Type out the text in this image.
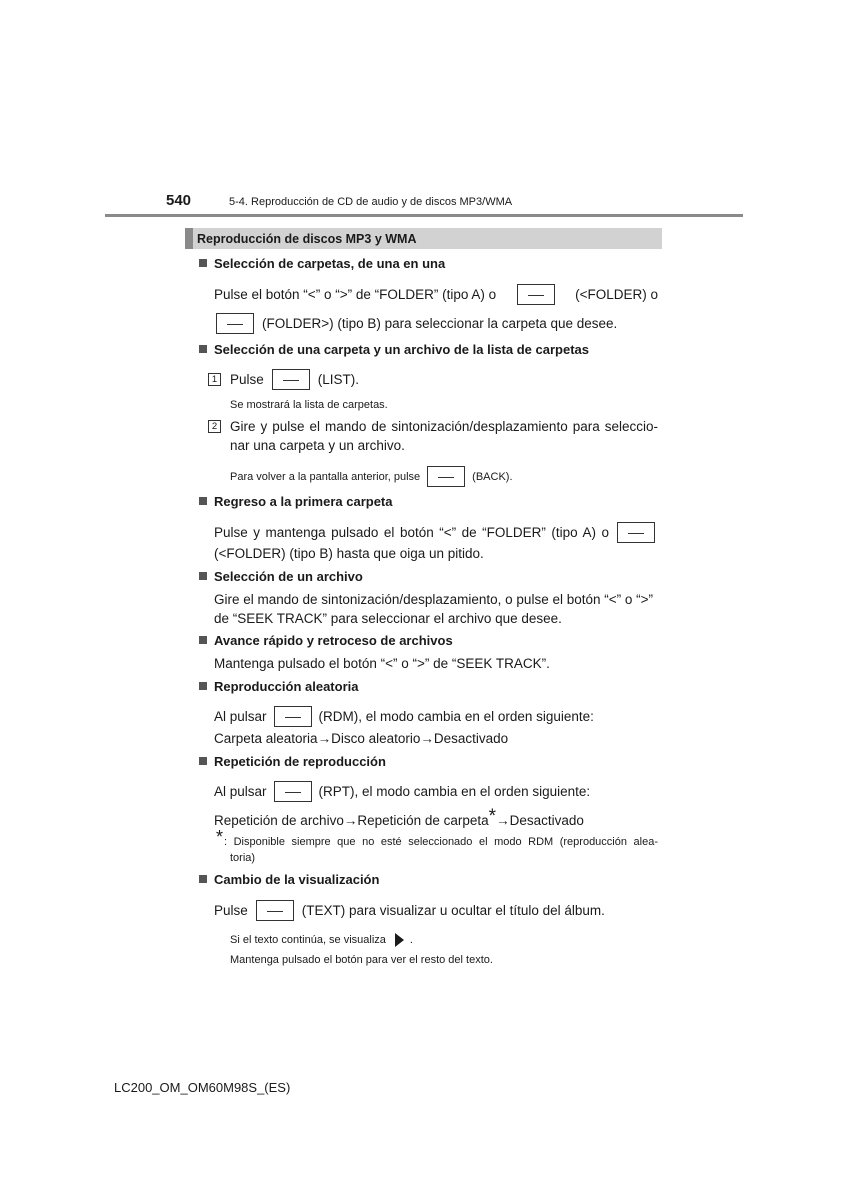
540	5-4. Reproducción de CD de audio y de discos MP3/WMA
Reproducción de discos MP3 y WMA
Selección de carpetas, de una en una
Pulse el botón “<” o “>” de “FOLDER” (tipo A) o	(<FOLDER) o
(FOLDER>) (tipo B) para seleccionar la carpeta que desee.
Selección de una carpeta y un archivo de la lista de carpetas
1 Pulse	(LIST).
Se mostrará la lista de carpetas.
2 Gire y pulse el mando de sintonización/desplazamiento para seleccio-
nar una carpeta y un archivo.
Para volver a la pantalla anterior, pulse	(BACK).
Regreso a la primera carpeta
Pulse y mantenga pulsado el botón “<” de “FOLDER” (tipo A) o
(<FOLDER) (tipo B) hasta que oiga un pitido.
Selección de un archivo
Gire el mando de sintonización/desplazamiento, o pulse el botón “<” o “>”
de “SEEK TRACK” para seleccionar el archivo que desee.
Avance rápido y retroceso de archivos
Mantenga pulsado el botón “<” o “>” de “SEEK TRACK”.
Reproducción aleatoria
Al pulsar	(RDM), el modo cambia en el orden siguiente:
Carpeta aleatoria→Disco aleatorio→Desactivado
Repetición de reproducción
Al pulsar	(RPT), el modo cambia en el orden siguiente:
Repetición de archivo→Repetición de carpeta*→Desactivado
* : Disponible siempre que no esté seleccionado el modo RDM (reproducción alea-
toria)
Cambio de la visualización
Pulse	(TEXT) para visualizar u ocultar el título del álbum.
Si el texto continúa, se visualiza .
Mantenga pulsado el botón para ver el resto del texto.
LC200_OM_OM60M98S_(ES)
